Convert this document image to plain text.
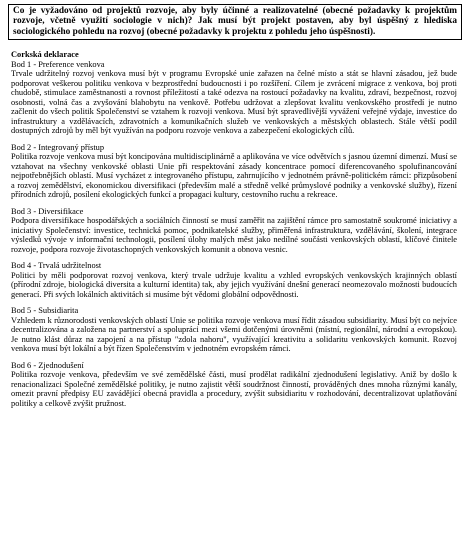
Co je vyžadováno od projektů rozvoje, aby byly účinné a realizovatelné (obecné požadavky k projektům rozvoje, včetně využití sociologie v nich)? Jak musí být projekt postaven, aby byl úspěšný z hlediska sociologického pohledu na rozvoj (obecné požadavky k projektu z pohledu jeho úspěšnosti).
Corkská deklarace
Bod 1 - Preference venkova
Trvale udržitelný rozvoj venkova musí být v programu Evropské unie zařazen na čelné místo a stát se hlavní zásadou, jež bude podporovat veškerou politiku venkova v bezprostřední budoucnosti i po rozšíření. Cílem je zvrácení migrace z venkova, boj proti chudobě, stimulace zaměstnanosti a rovnost příležitostí a také odezva na rostoucí požadavky na kvalitu, zdraví, bezpečnost, rozvoj osobnosti, volná čas a zvyšování blahobytu na venkově. Potřebu udržovat a zlepšovat kvalitu venkovského prostředí je nutno začlenit do všech politik Společenství se vztahem k rozvoji venkova. Musí být spravedlivější vyvážení veřejné výdaje, investice do infrastruktury a vzdělávacích, zdravotních a komunikačních služeb ve venkovských a městských oblastech. Stále větší podíl dostupných zdrojů by měl být využíván na podporu rozvoje venkova a zabezpečení ekologických cílů.
Bod 2 - Integrovaný přístup
Politika rozvoje venkova musí být koncipována multidisciplinárně a aplikována ve více odvětvích s jasnou územní dimenzí. Musí se vztahovat na všechny venkovské oblasti Unie při respektování zásady koncentrace pomocí diferencovaného spolufinancování nejpotřebnějších oblastí. Musí vycházet z integrovaného přístupu, zahrnujícího v jednotném právně-politickém rámci: přizpůsobení a rozvoj zemědělství, ekonomickou diversifikaci (především malé a středně velké průmyslové podniky a venkovské služby), řízení přírodních zdrojů, posílení ekologických funkcí a propagaci kultury, cestovního ruchu a rekreace.
Bod 3 - Diversifikace
Podpora diversifikace hospodářských a sociálních činností se musí zaměřit na zajištění rámce pro samostatně soukromé iniciativy a iniciativy Společenství: investice, technická pomoc, podnikatelské služby, přiměřená infrastruktura, vzdělávání, školení, integrace výsledků vývoje v informační technologii, posílení úlohy malých měst jako nedílné součásti venkovských oblastí, klíčové činitele rozvoje, podpora rozvoje životaschopných venkovských komunit a obnova vesnic.
Bod 4 - Trvalá udržitelnost
Politici by měli podporovat rozvoj venkova, který trvale udržuje kvalitu a vzhled evropských venkovských krajinných oblastí (přírodní zdroje, biologická diversita a kulturní identita) tak, aby jejich využívání dnešní generací neomezovalo možnosti budoucích generací. Při svých lokálních aktivitách si musíme být vědomi globální odpovědnosti.
Bod 5 - Subsidiarita
Vzhledem k různorodosti venkovských oblastí Unie se politika rozvoje venkova musí řídit zásadou subsidiarity. Musí být co nejvíce decentralizována a založena na partnerství a spolupráci mezi všemi dotčenými úrovněmi (místní, regionální, národní a evropskou). Je nutno klást důraz na zapojení a na přístup "zdola nahoru", využívající kreativitu a solidaritu venkovských komunit. Rozvoj venkova musí být lokální a být řízen Společenstvím v jednotném evropském rámci.
Bod 6 - Zjednodušení
Politika rozvoje venkova, především ve své zemědělské části, musí prodělat radikální zjednodušení legislativy. Aniž by došlo k renacionalizaci Společné zemědělské politiky, je nutno zajistit větší soudržnost činností, prováděných dnes mnoha různými kanály, omezit pravní předpisy EU zavádějící obecná pravidla a procedury, zvýšit subsidiaritu v rozhodování, decentralizovat uplatňování politiky a celkově zvýšit pružnost.
